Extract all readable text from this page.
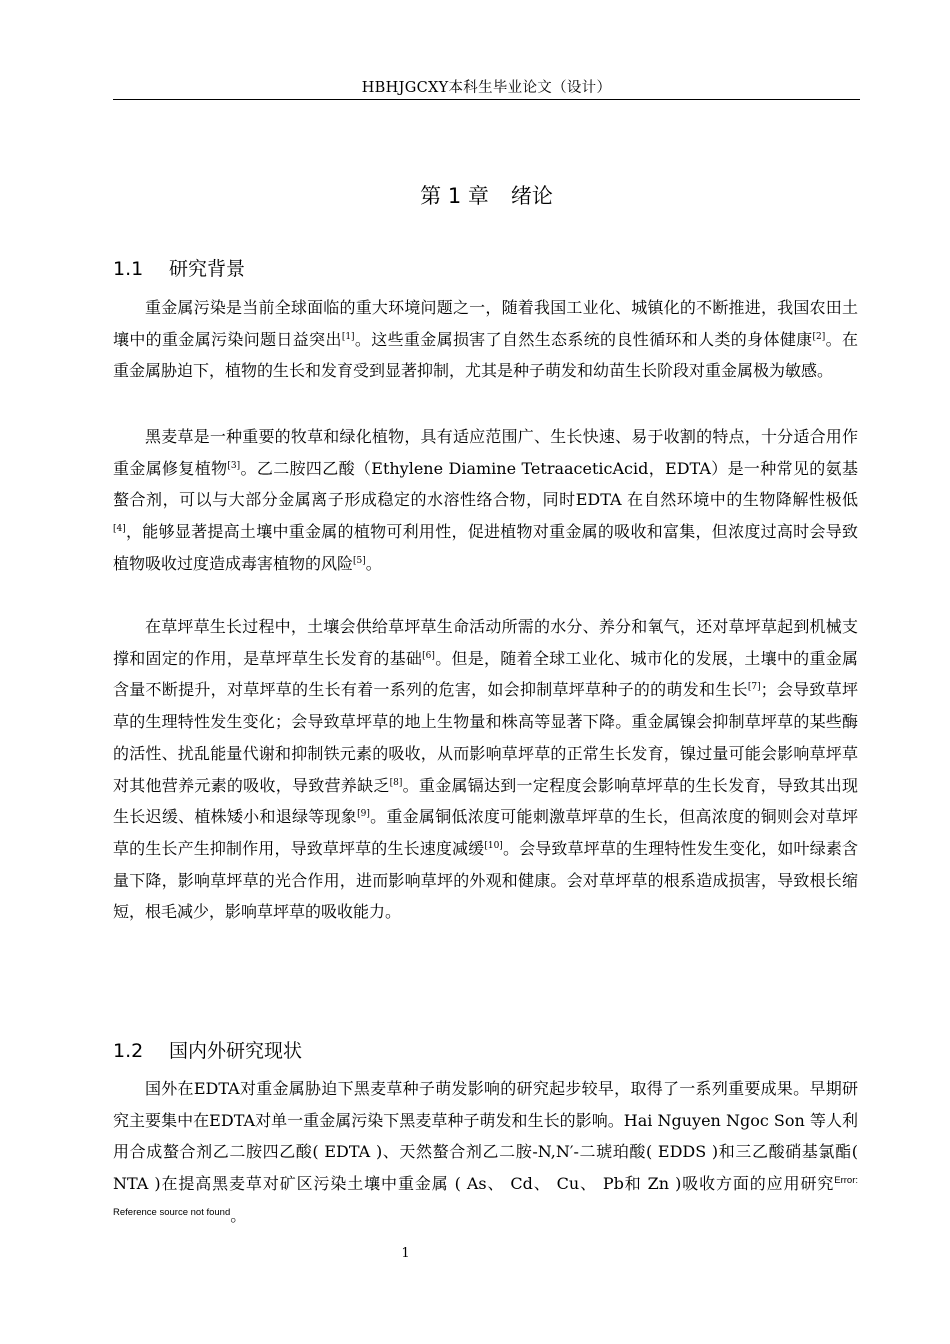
HBHJGCXY本科生毕业论文（设计）
第 1 章 绪论
1.1 研究背景

重金属污染是当前全球面临的重大环境问题之一，随着我国工业化、城镇化的不断推进，我国农田土壤中的重金属污染问题日益突出[1]。这些重金属损害了自然生态系统的良性循环和人类的身体健康[2]。在重金属胁迫下，植物的生长和发育受到显著抑制，尤其是种子萌发和幼苗生长阶段对重金属极为敏感。

黑麦草是一种重要的牧草和绿化植物，具有适应范围广、生长快速、易于收割的特点，十分适合用作重金属修复植物[3]。乙二胺四乙酸（Ethylene Diamine TetraaceticAcid，EDTA）是一种常见的氨基螯合剂，可以与大部分金属离子形成稳定的水溶性络合物，同时EDTA 在自然环境中的生物降解性极低[4]，能够显著提高土壤中重金属的植物可利用性，促进植物对重金属的吸收和富集，但浓度过高时会导致植物吸收过度造成毒害植物的风险[5]。

在草坪草生长过程中，土壤会供给草坪草生命活动所需的水分、养分和氧气，还对草坪草起到机械支撑和固定的作用，是草坪草生长发育的基础[6]。但是，随着全球工业化、城市化的发展，土壤中的重金属含量不断提升，对草坪草的生长有着一系列的危害，如会抑制草坪草种子的的萌发和生长[7]；会导致草坪草的生理特性发生变化；会导致草坪草的地上生物量和株高等显著下降。重金属镍会抑制草坪草的某些酶的活性、扰乱能量代谢和抑制铁元素的吸收，从而影响草坪草的正常生长发育，镍过量可能会影响草坪草对其他营养元素的吸收，导致营养缺乏[8]。重金属镉达到一定程度会影响草坪草的生长发育，导致其出现生长迟缓、植株矮小和退绿等现象[9]。重金属铜低浓度可能刺激草坪草的生长，但高浓度的铜则会对草坪草的生长产生抑制作用，导致草坪草的生长速度减缓[10]。会导致草坪草的生理特性发生变化，如叶绿素含量下降，影响草坪草的光合作用，进而影响草坪的外观和健康。会对草坪草的根系造成损害，导致根长缩短，根毛减少，影响草坪草的吸收能力。

1.2 国内外研究现状

国外在EDTA对重金属胁迫下黑麦草种子萌发影响的研究起步较早，取得了一系列重要成果。早期研究主要集中在EDTA对单一重金属污染下黑麦草种子萌发和生长的影响。Hai Nguyen Ngoc Son 等人利用合成螯合剂乙二胺四乙酸( EDTA )、天然螯合剂乙二胺-N,N′-二琥珀酸( EDDS )和三乙酸硝基氯酯( NTA )在提高黑麦草对矿区污染土壤中重金属 ( As、 Cd、 Cu、 Pb和 Zn )吸收方面的应用研究$^{Error: Reference source not found}$。

1
